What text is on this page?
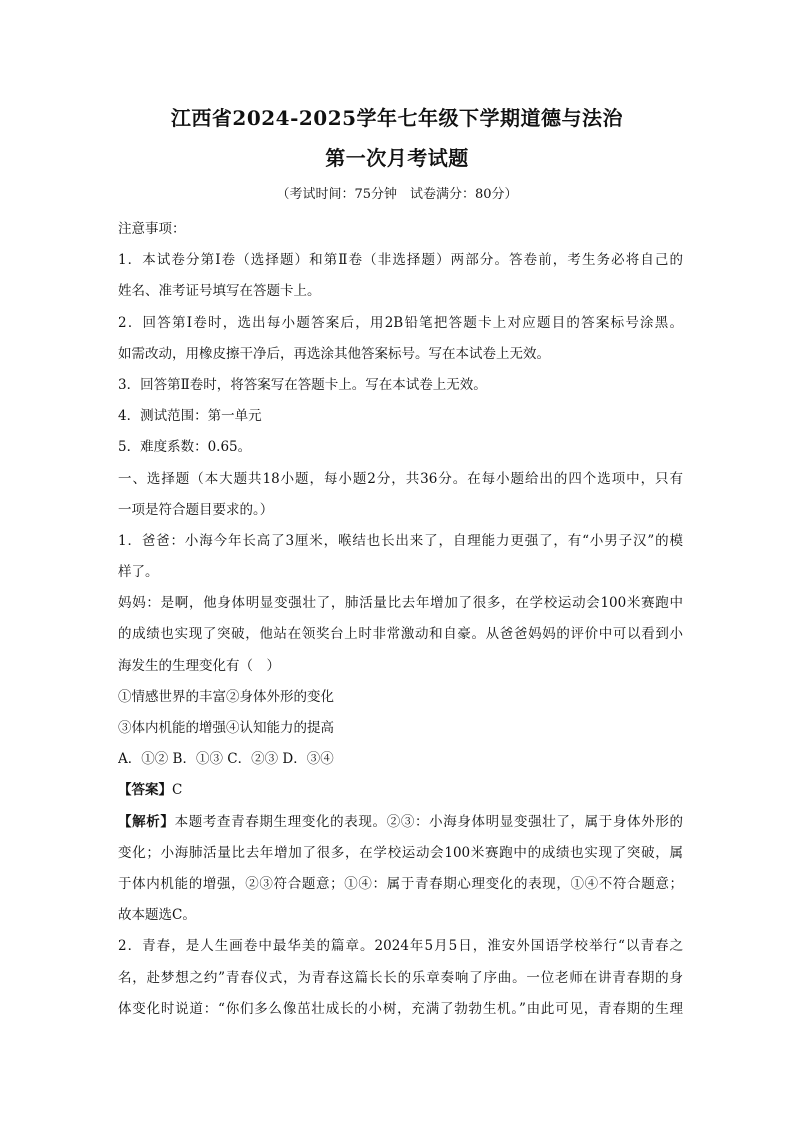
江西省2024-2025学年七年级下学期道德与法治
第一次月考试题
（考试时间：75分钟　试卷满分：80分）
注意事项：
1．本试卷分第Ⅰ卷（选择题）和第Ⅱ卷（非选择题）两部分。答卷前，考生务必将自己的
姓名、准考证号填写在答题卡上。
2．回答第Ⅰ卷时，选出每小题答案后，用2B铅笔把答题卡上对应题目的答案标号涂黑。
如需改动，用橡皮擦干净后，再选涂其他答案标号。写在本试卷上无效。
3．回答第Ⅱ卷时，将答案写在答题卡上。写在本试卷上无效。
4．测试范围：第一单元
5．难度系数：0.65。
一、选择题（本大题共18小题，每小题2分，共36分。在每小题给出的四个选项中，只有
一项是符合题目要求的。）
1．爸爸：小海今年长高了3厘米，喉结也长出来了，自理能力更强了，有“小男子汉”的模
样了。
妈妈：是啊，他身体明显变强壮了，肺活量比去年增加了很多，在学校运动会100米赛跑中
的成绩也实现了突破，他站在领奖台上时非常激动和自豪。从爸爸妈妈的评价中可以看到小
海发生的生理变化有（　）
①情感世界的丰富②身体外形的变化
③体内机能的增强④认知能力的提高
A．①② B．①③ C．②③ D．③④
【答案】C
【解析】本题考查青春期生理变化的表现。②③：小海身体明显变强壮了，属于身体外形的
变化；小海肺活量比去年增加了很多，在学校运动会100米赛跑中的成绩也实现了突破，属
于体内机能的增强，②③符合题意；①④：属于青春期心理变化的表现，①④不符合题意；
故本题选C。
2．青春，是人生画卷中最华美的篇章。2024年5月5日，淮安外国语学校举行“以青春之
名，赴梦想之约”青春仪式，为青春这篇长长的乐章奏响了序曲。一位老师在讲青春期的身
体变化时说道：“你们多么像茁壮成长的小树，充满了勃勃生机。”由此可见，青春期的生理
